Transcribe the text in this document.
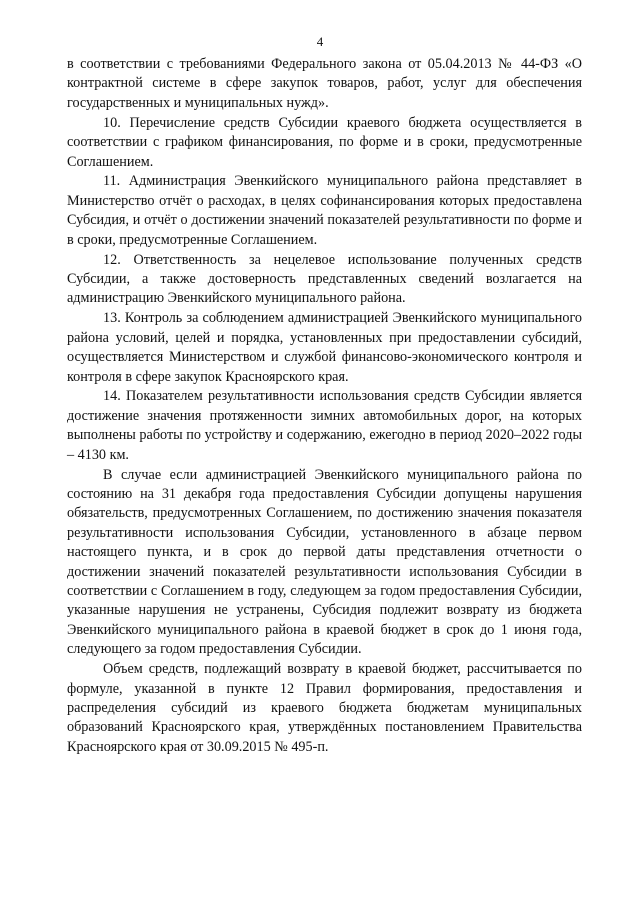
4

в соответствии с требованиями Федерального закона от 05.04.2013 № 44-ФЗ «О контрактной системе в сфере закупок товаров, работ, услуг для обеспечения государственных и муниципальных нужд».

10. Перечисление средств Субсидии краевого бюджета осуществляется в соответствии с графиком финансирования, по форме и в сроки, предусмотренные Соглашением.

11. Администрация Эвенкийского муниципального района представляет в Министерство отчёт о расходах, в целях софинансирования которых предоставлена Субсидия, и отчёт о достижении значений показателей результативности по форме и в сроки, предусмотренные Соглашением.

12. Ответственность за нецелевое использование полученных средств Субсидии, а также достоверность представленных сведений возлагается на администрацию Эвенкийского муниципального района.

13. Контроль за соблюдением администрацией Эвенкийского муниципального района условий, целей и порядка, установленных при предоставлении субсидий, осуществляется Министерством и службой финансово-экономического контроля и контроля в сфере закупок Красноярского края.

14. Показателем результативности использования средств Субсидии является достижение значения протяженности зимних автомобильных дорог, на которых выполнены работы по устройству и содержанию, ежегодно в период 2020–2022 годы – 4130 км.

В случае если администрацией Эвенкийского муниципального района по состоянию на 31 декабря года предоставления Субсидии допущены нарушения обязательств, предусмотренных Соглашением, по достижению значения показателя результативности использования Субсидии, установленного в абзаце первом настоящего пункта, и в срок до первой даты представления отчетности о достижении значений показателей результативности использования Субсидии в соответствии с Соглашением в году, следующем за годом предоставления Субсидии, указанные нарушения не устранены, Субсидия подлежит возврату из бюджета Эвенкийского муниципального района в краевой бюджет в срок до 1 июня года, следующего за годом предоставления Субсидии.

Объем средств, подлежащий возврату в краевой бюджет, рассчитывается по формуле, указанной в пункте 12 Правил формирования, предоставления и распределения субсидий из краевого бюджета бюджетам муниципальных образований Красноярского края, утверждённых постановлением Правительства Красноярского края от 30.09.2015 № 495-п.
